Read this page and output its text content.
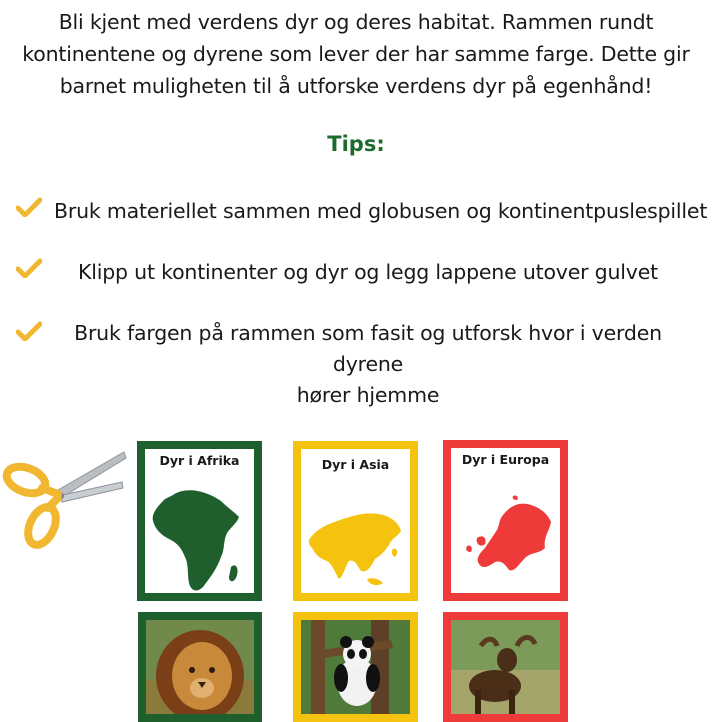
Bli kjent med verdens dyr og deres habitat. Rammen rundt
kontinentene og dyrene som lever der har samme farge. Dette gir
barnet muligheten til å utforske verdens dyr på egenhånd!
Tips:
Bruk materiellet sammen med globusen og kontinentpuslespillet
Klipp ut kontinenter og dyr og legg lappene utover gulvet
Bruk fargen på rammen som fasit og utforsk hvor i verden dyrene
hører hjemme
Dyr i Afrika	Dyr i Asia	Dyr i Europa
